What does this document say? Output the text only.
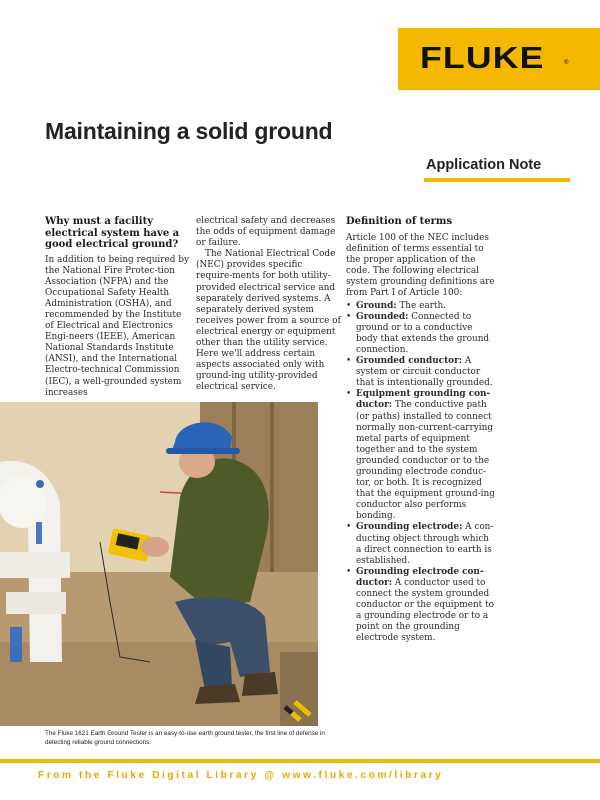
FLUKE	®
Maintaining a solid ground
Application Note
Why must a facility electrical system have a good electrical ground?

In addition to being required by the National Fire Protec-tion Association (NFPA) and the Occupational Safety Health Administration (OSHA), and recommended by the Institute of Electrical and Electronics Engi-neers (IEEE), American National Standards Institute (ANSI), and the International Electro-technical Commission (IEC), a well-grounded system increases

electrical safety and decreases the odds of equipment damage or failure.

The National Electrical Code (NEC) provides specific require-ments for both utility-provided electrical service and separately derived systems. A separately derived system receives power from a source of electrical energy or equipment other than the utility service. Here we'll address certain aspects associated only with ground-ing utility-provided electrical service.

Definition of terms

Article 100 of the NEC includes definition of terms essential to the proper application of the code. The following electrical system grounding definitions are from Part I of Article 100:

• Ground: The earth.
• Grounded: Connected to ground or to a conductive body that extends the ground connection.
• Grounded conductor: A system or circuit conductor that is intentionally grounded.
• Equipment grounding con-ductor: The conductive path (or paths) installed to connect normally non-current-carrying metal parts of equipment together and to the system grounded conductor or to the grounding electrode conduc-tor, or both. It is recognized that the equipment ground-ing conductor also performs bonding.
• Grounding electrode: A con-ducting object through which a direct connection to earth is established.
• Grounding electrode con-ductor: A conductor used to connect the system grounded conductor or the equipment to a grounding electrode or to a point on the grounding electrode system.
The Fluke 1621 Earth Ground Tester is an easy-to-use earth ground tester, the first line of defense in detecting reliable ground connections.
From the Fluke Digital Library @ www.fluke.com/library
